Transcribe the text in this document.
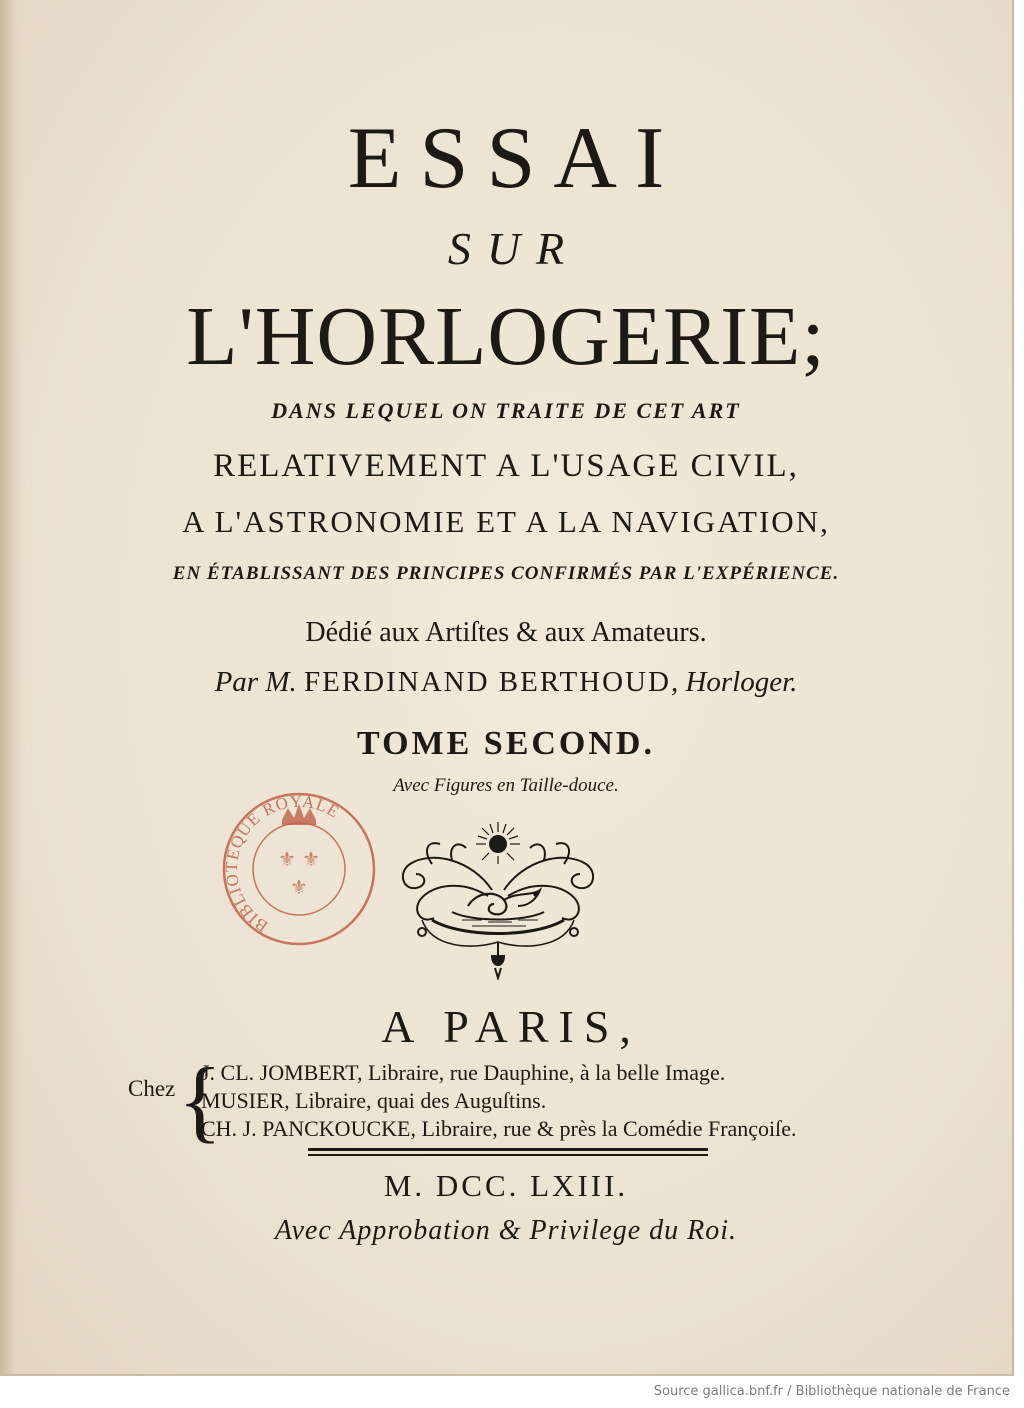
ESSAI
SUR
L'HORLOGERIE;
DANS LEQUEL ON TRAITE DE CET ART
RELATIVEMENT A L'USAGE CIVIL,
A L'ASTRONOMIE ET A LA NAVIGATION,
EN ÉTABLISSANT DES PRINCIPES CONFIRMÉS PAR L'EXPÉRIENCE.
Dédié aux Artiſtes & aux Amateurs.
Par M. FERDINAND BERTHOUD, Horloger.
TOME SECOND.
Avec Figures en Taille-douce.
BIBLIOTEQUE ROYALE
⚜ ⚜
⚜
A PARIS,
Chez {
J. CL. JOMBERT, Libraire, rue Dauphine, à la belle Image.
MUSIER, Libraire, quai des Auguſtins.
CH. J. PANCKOUCKE, Libraire, rue & près la Comédie Françoiſe.
M. DCC. LXIII.
Avec Approbation & Privilege du Roi.
Source gallica.bnf.fr / Bibliothèque nationale de France
